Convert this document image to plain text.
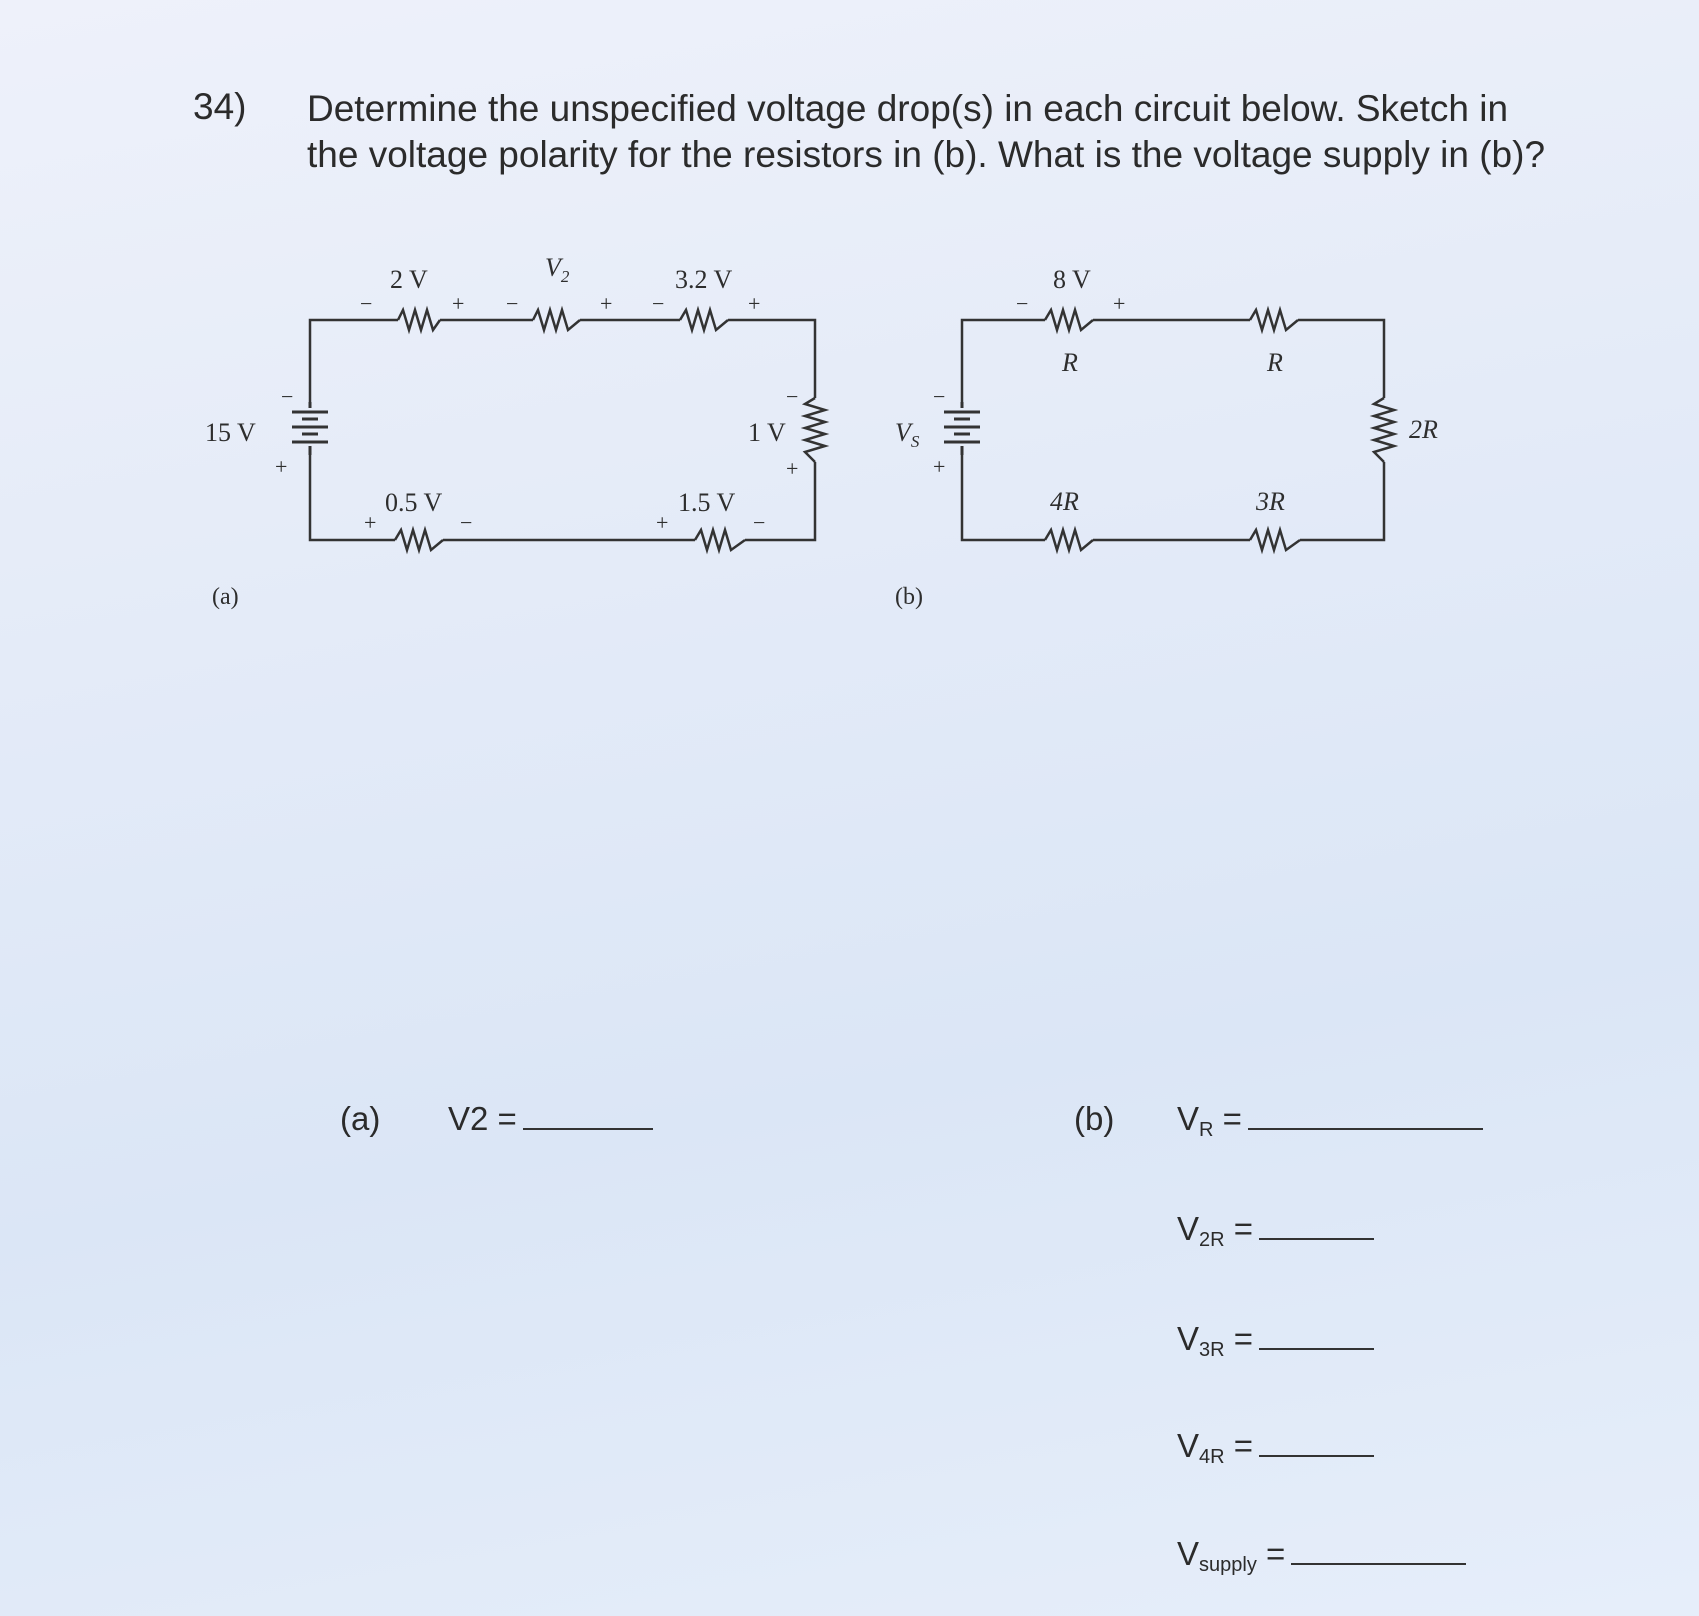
34) Determine the unspecified voltage drop(s) in each circuit below. Sketch in
the voltage polarity for the resistors in (b). What is the voltage supply in (b)?
15 V
−
+
2 V
−	+
$V_2$
−	+
3.2 V
−	+
1 V
−
+
0.5 V
+	−
1.5 V
+	−
(a)
$V_S$
−
+
8 V
−	+
R	R
2R
4R	3R
(b)
(a) V2 =	(b) $V_R$ =
$V_{2R}$ =
$V_{3R}$ =
$V_{4R}$ =
$V_{supply}$ =
